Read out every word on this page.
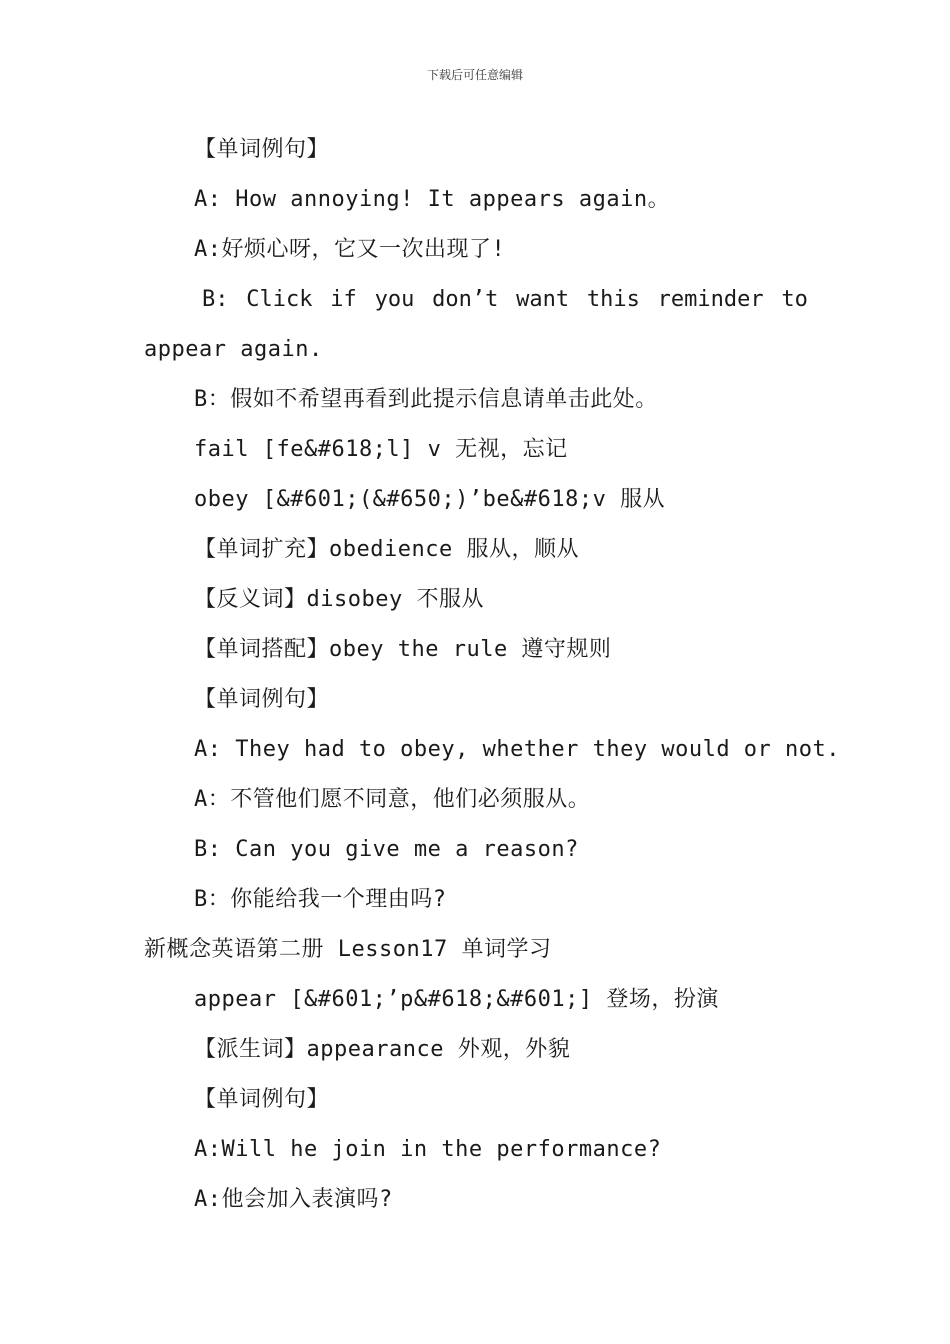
下载后可任意编辑
【单词例句】
A: How annoying! It appears again。
A:好烦心呀，它又一次出现了!
B: Click if you don’t want this reminder to
appear again.
B：假如不希望再看到此提示信息请单击此处。
fail [fe&#618;l] v 无视，忘记
obey [&#601;(&#650;)’be&#618;v 服从
【单词扩充】obedience 服从，顺从
【反义词】disobey 不服从
【单词搭配】obey the rule 遵守规则
【单词例句】
A: They had to obey, whether they would or not.
A：不管他们愿不同意，他们必须服从。
B: Can you give me a reason?
B：你能给我一个理由吗?
新概念英语第二册 Lesson17 单词学习
appear [&#601;’p&#618;&#601;] 登场，扮演
【派生词】appearance 外观，外貌
【单词例句】
A:Will he join in the performance?
A:他会加入表演吗?
